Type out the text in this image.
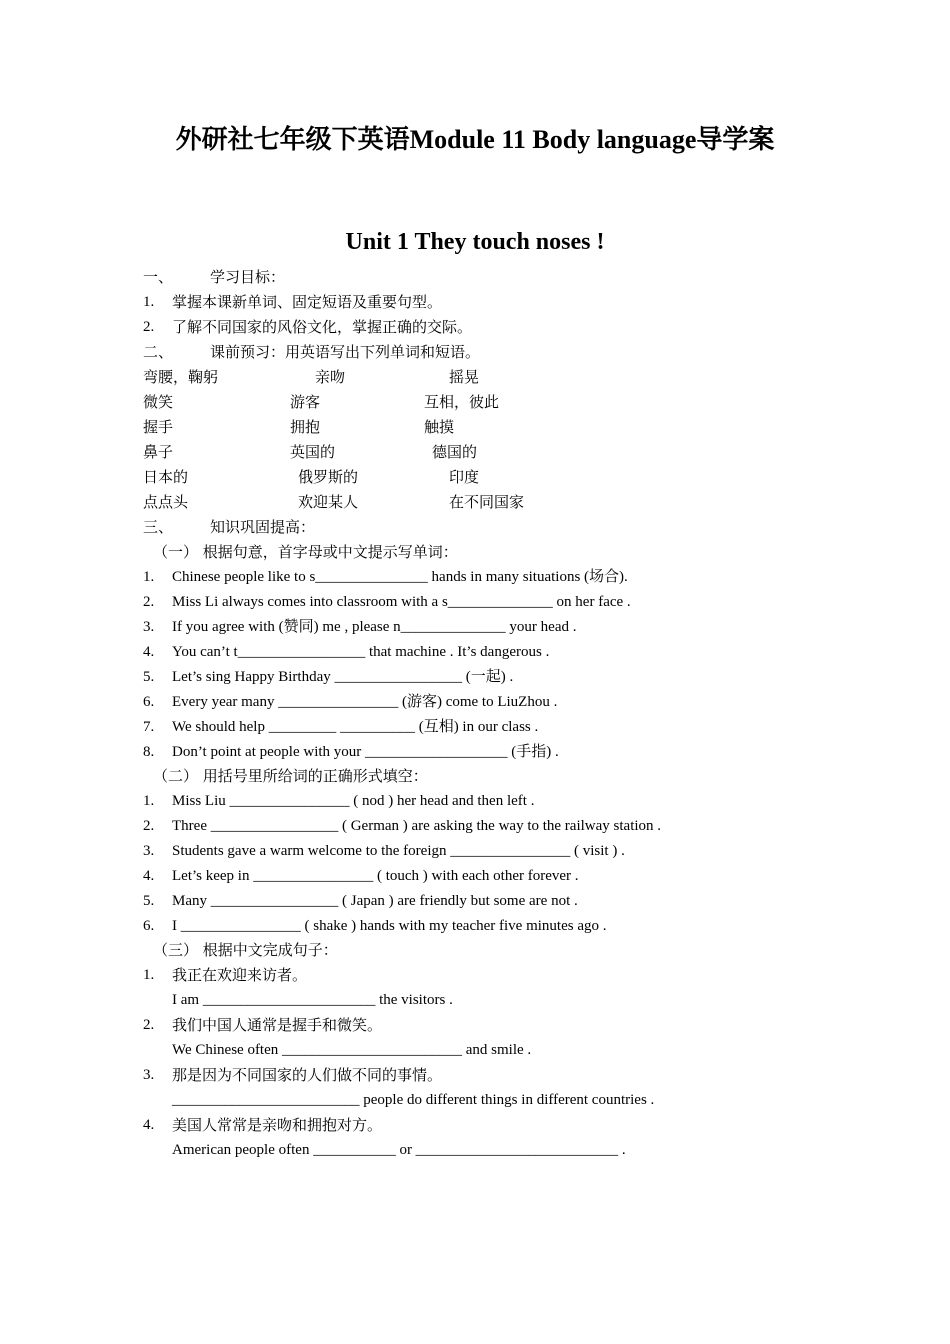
外研社七年级下英语Module 11 Body language导学案
Unit 1 They touch noses !
一、 学习目标：
1. 掌握本课新单词、固定短语及重要句型。
2. 了解不同国家的风俗文化，掌握正确的交际。
二、 课前预习：用英语写出下列单词和短语。
弯腰，鞠躬	亲吻	摇晃
微笑	游客	互相，彼此
握手	拥抱	触摸
鼻子	英国的	德国的
日本的	俄罗斯的	印度
点点头	欢迎某人	在不同国家
三、 知识巩固提高：
（一） 根据句意，首字母或中文提示写单词：
1. Chinese people like to s_______________ hands in many situations (场合).
2. Miss Li always comes into classroom with a s______________ on her face .
3. If you agree with (赞同) me , please n______________ your head .
4. You can’t t_________________ that machine . It’s dangerous .
5. Let’s sing Happy Birthday _________________ (一起) .
6. Every year many ________________ (游客) come to LiuZhou .
7. We should help _________ __________ (互相) in our class .
8. Don’t point at people with your ___________________ (手指) .
（二） 用括号里所给词的正确形式填空：
1. Miss Liu ________________ ( nod ) her head and then left .
2. Three _________________ ( German ) are asking the way to the railway station .
3. Students gave a warm welcome to the foreign ________________ ( visit ) .
4. Let’s keep in ________________ ( touch ) with each other forever .
5. Many _________________ ( Japan ) are friendly but some are not .
6. I ________________ ( shake ) hands with my teacher five minutes ago .
（三） 根据中文完成句子：
1. 我正在欢迎来访者。
I am _______________________ the visitors .
2. 我们中国人通常是握手和微笑。
We Chinese often ________________________ and smile .
3. 那是因为不同国家的人们做不同的事情。
_________________________ people do different things in different countries .
4. 美国人常常是亲吻和拥抱对方。
American people often ___________ or ___________________________ .
